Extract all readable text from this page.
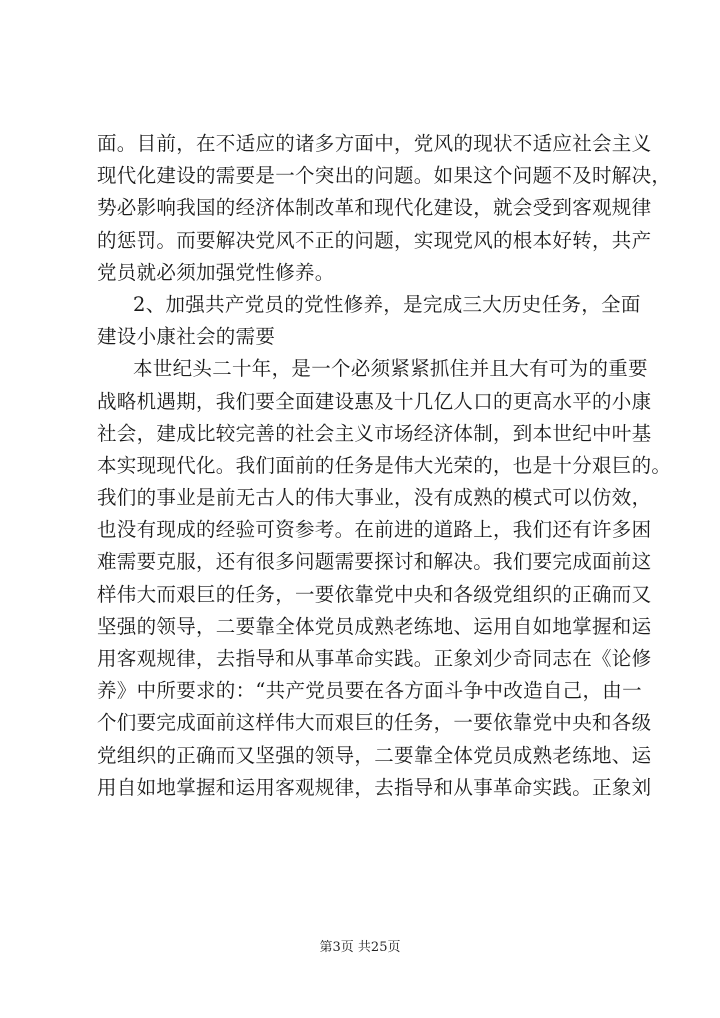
面。目前，在不适应的诸多方面中，党风的现状不适应社会主义
现代化建设的需要是一个突出的问题。如果这个问题不及时解决，
势必影响我国的经济体制改革和现代化建设，就会受到客观规律
的惩罚。而要解决党风不正的问题，实现党风的根本好转，共产
党员就必须加强党性修养。
2、加强共产党员的党性修养，是完成三大历史任务，全面
建设小康社会的需要
本世纪头二十年，是一个必须紧紧抓住并且大有可为的重要
战略机遇期，我们要全面建设惠及十几亿人口的更高水平的小康
社会，建成比较完善的社会主义市场经济体制，到本世纪中叶基
本实现现代化。我们面前的任务是伟大光荣的，也是十分艰巨的。
我们的事业是前无古人的伟大事业，没有成熟的模式可以仿效，
也没有现成的经验可资参考。在前进的道路上，我们还有许多困
难需要克服，还有很多问题需要探讨和解决。我们要完成面前这
样伟大而艰巨的任务，一要依靠党中央和各级党组织的正确而又
坚强的领导，二要靠全体党员成熟老练地、运用自如地掌握和运
用客观规律，去指导和从事革命实践。正象刘少奇同志在《论修
养》中所要求的：“共产党员要在各方面斗争中改造自己，由一
个们要完成面前这样伟大而艰巨的任务，一要依靠党中央和各级
党组织的正确而又坚强的领导，二要靠全体党员成熟老练地、运
用自如地掌握和运用客观规律，去指导和从事革命实践。正象刘
第3页 共25页
